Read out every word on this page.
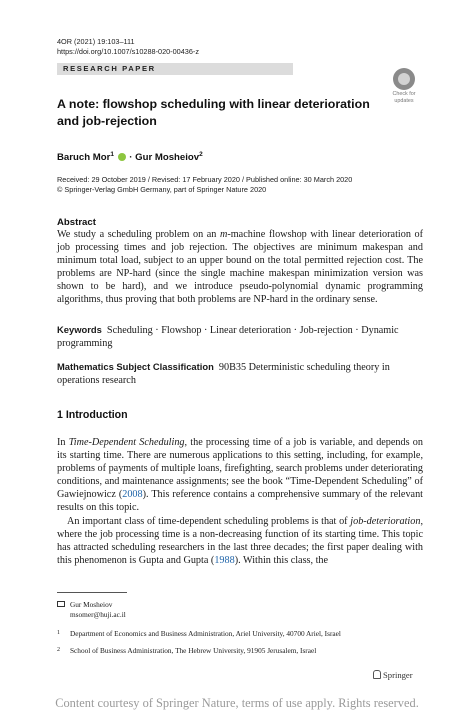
4OR (2021) 19:103–111
https://doi.org/10.1007/s10288-020-00436-z
RESEARCH PAPER
Check for
updates
A note: flowshop scheduling with linear deterioration and job-rejection
Baruch Mor$^1$ · Gur Mosheiov$^2$
Received: 29 October 2019 / Revised: 17 February 2020 / Published online: 30 March 2020
© Springer-Verlag GmbH Germany, part of Springer Nature 2020
Abstract
We study a scheduling problem on an m-machine flowshop with linear deterioration of job processing times and job rejection. The objectives are minimum makespan and minimum total load, subject to an upper bound on the total permitted rejection cost. The problems are NP-hard (since the single machine makespan minimization version was shown to be hard), and we introduce pseudo-polynomial dynamic programming algorithms, thus proving that both problems are NP-hard in the ordinary sense.
Keywords Scheduling · Flowshop · Linear deterioration · Job-rejection · Dynamic programming
Mathematics Subject Classification 90B35 Deterministic scheduling theory in operations research
1 Introduction

In Time-Dependent Scheduling, the processing time of a job is variable, and depends on its starting time. There are numerous applications to this setting, including, for example, problems of payments of multiple loans, firefighting, search problems under deteriorating conditions, and maintenance assignments; see the book “Time-Dependent Scheduling” of Gawiejnowicz (2008). This reference contains a comprehensive summary of the relevant results on this topic.

An important class of time-dependent scheduling problems is that of job-deterioration, where the job processing time is a non-decreasing function of its starting time. This topic has attracted scheduling researchers in the last three decades; the first paper dealing with this phenomenon is Gupta and Gupta (1988). Within this class, the

Gur Mosheiov
msomer@huji.ac.il
1 Department of Economics and Business Administration, Ariel University, 40700 Ariel, Israel
2 School of Business Administration, The Hebrew University, 91905 Jerusalem, Israel
Springer
Content courtesy of Springer Nature, terms of use apply. Rights reserved.
